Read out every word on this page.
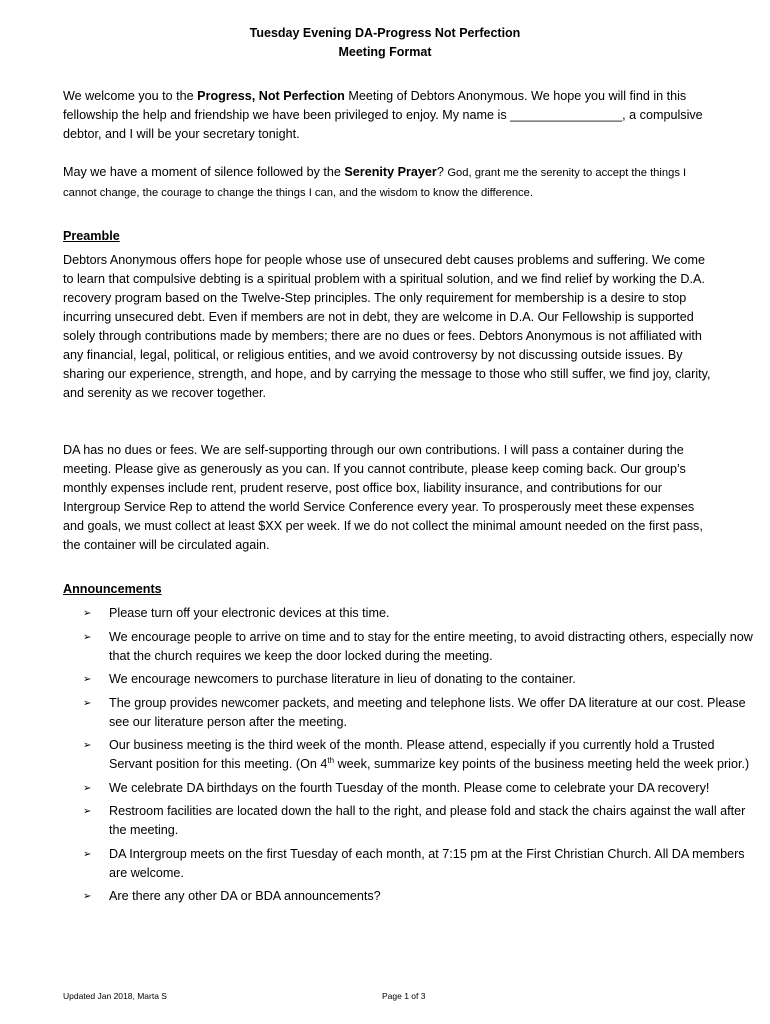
Tuesday Evening DA-Progress Not Perfection
Meeting Format
We welcome you to the Progress, Not Perfection Meeting of Debtors Anonymous. We hope you will find in this fellowship the help and friendship we have been privileged to enjoy. My name is ________________, a compulsive debtor, and I will be your secretary tonight.
May we have a moment of silence followed by the Serenity Prayer? God, grant me the serenity to accept the things I cannot change, the courage to change the things I can, and the wisdom to know the difference.
Preamble
Debtors Anonymous offers hope for people whose use of unsecured debt causes problems and suffering. We come to learn that compulsive debting is a spiritual problem with a spiritual solution, and we find relief by working the D.A. recovery program based on the Twelve-Step principles. The only requirement for membership is a desire to stop incurring unsecured debt. Even if members are not in debt, they are welcome in D.A. Our Fellowship is supported solely through contributions made by members; there are no dues or fees. Debtors Anonymous is not affiliated with any financial, legal, political, or religious entities, and we avoid controversy by not discussing outside issues. By sharing our experience, strength, and hope, and by carrying the message to those who still suffer, we find joy, clarity, and serenity as we recover together.
DA has no dues or fees. We are self-supporting through our own contributions. I will pass a container during the meeting. Please give as generously as you can. If you cannot contribute, please keep coming back. Our group’s monthly expenses include rent, prudent reserve, post office box, liability insurance, and contributions for our Intergroup Service Rep to attend the world Service Conference every year. To prosperously meet these expenses and goals, we must collect at least $XX per week. If we do not collect the minimal amount needed on the first pass, the container will be circulated again.
Announcements
➢ Please turn off your electronic devices at this time.
➢ We encourage people to arrive on time and to stay for the entire meeting, to avoid distracting others, especially now that the church requires we keep the door locked during the meeting.
➢ We encourage newcomers to purchase literature in lieu of donating to the container.
➢ The group provides newcomer packets, and meeting and telephone lists. We offer DA literature at our cost. Please see our literature person after the meeting.
➢ Our business meeting is the third week of the month. Please attend, especially if you currently hold a Trusted Servant position for this meeting. (On 4th week, summarize key points of the business meeting held the week prior.)
➢ We celebrate DA birthdays on the fourth Tuesday of the month. Please come to celebrate your DA recovery!
➢ Restroom facilities are located down the hall to the right, and please fold and stack the chairs against the wall after the meeting.
➢ DA Intergroup meets on the first Tuesday of each month, at 7:15 pm at the First Christian Church. All DA members are welcome.
➢ Are there any other DA or BDA announcements?
Updated Jan 2018, Marta S	Page 1 of 3
